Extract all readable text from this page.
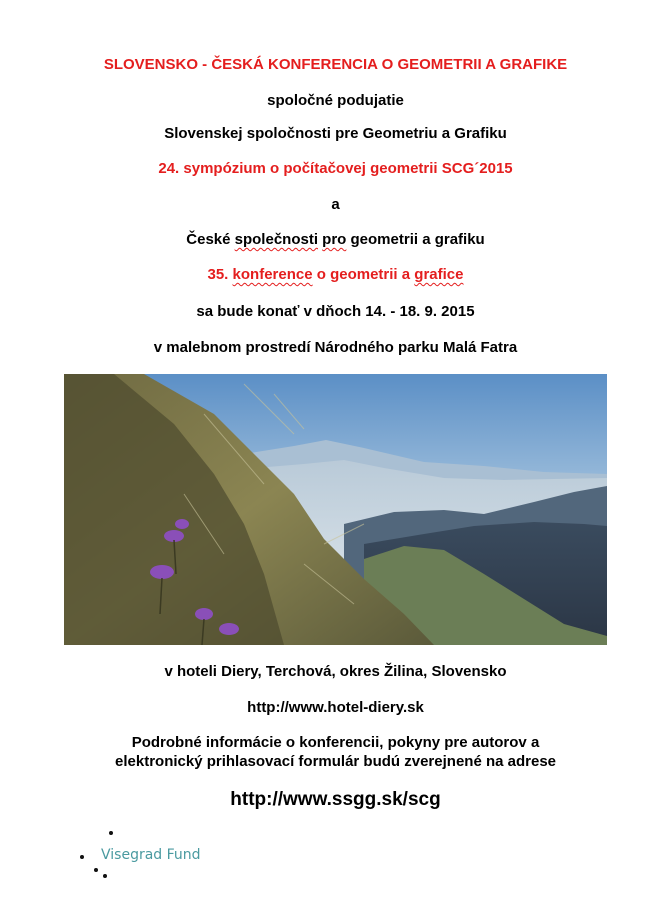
SLOVENSKO - ČESKÁ KONFERENCIA O GEOMETRII A GRAFIKE
spoločné podujatie
Slovenskej spoločnosti pre Geometriu a Grafiku
24. sympózium o počítačovej geometrii SCG´2015
a
České společnosti pro geometrii a grafiku
35. konference o geometrii a grafice
sa bude konať v dňoch 14. - 18. 9. 2015
v malebnom prostredí Národného parku Malá Fatra
v hoteli Diery, Terchová, okres Žilina, Slovensko
http://www.hotel-diery.sk
Podrobné informácie o konferencii, pokyny pre autorov a
elektronický prihlasovací formulár budú zverejnené na adrese
http://www.ssgg.sk/scg
Visegrad Fund
